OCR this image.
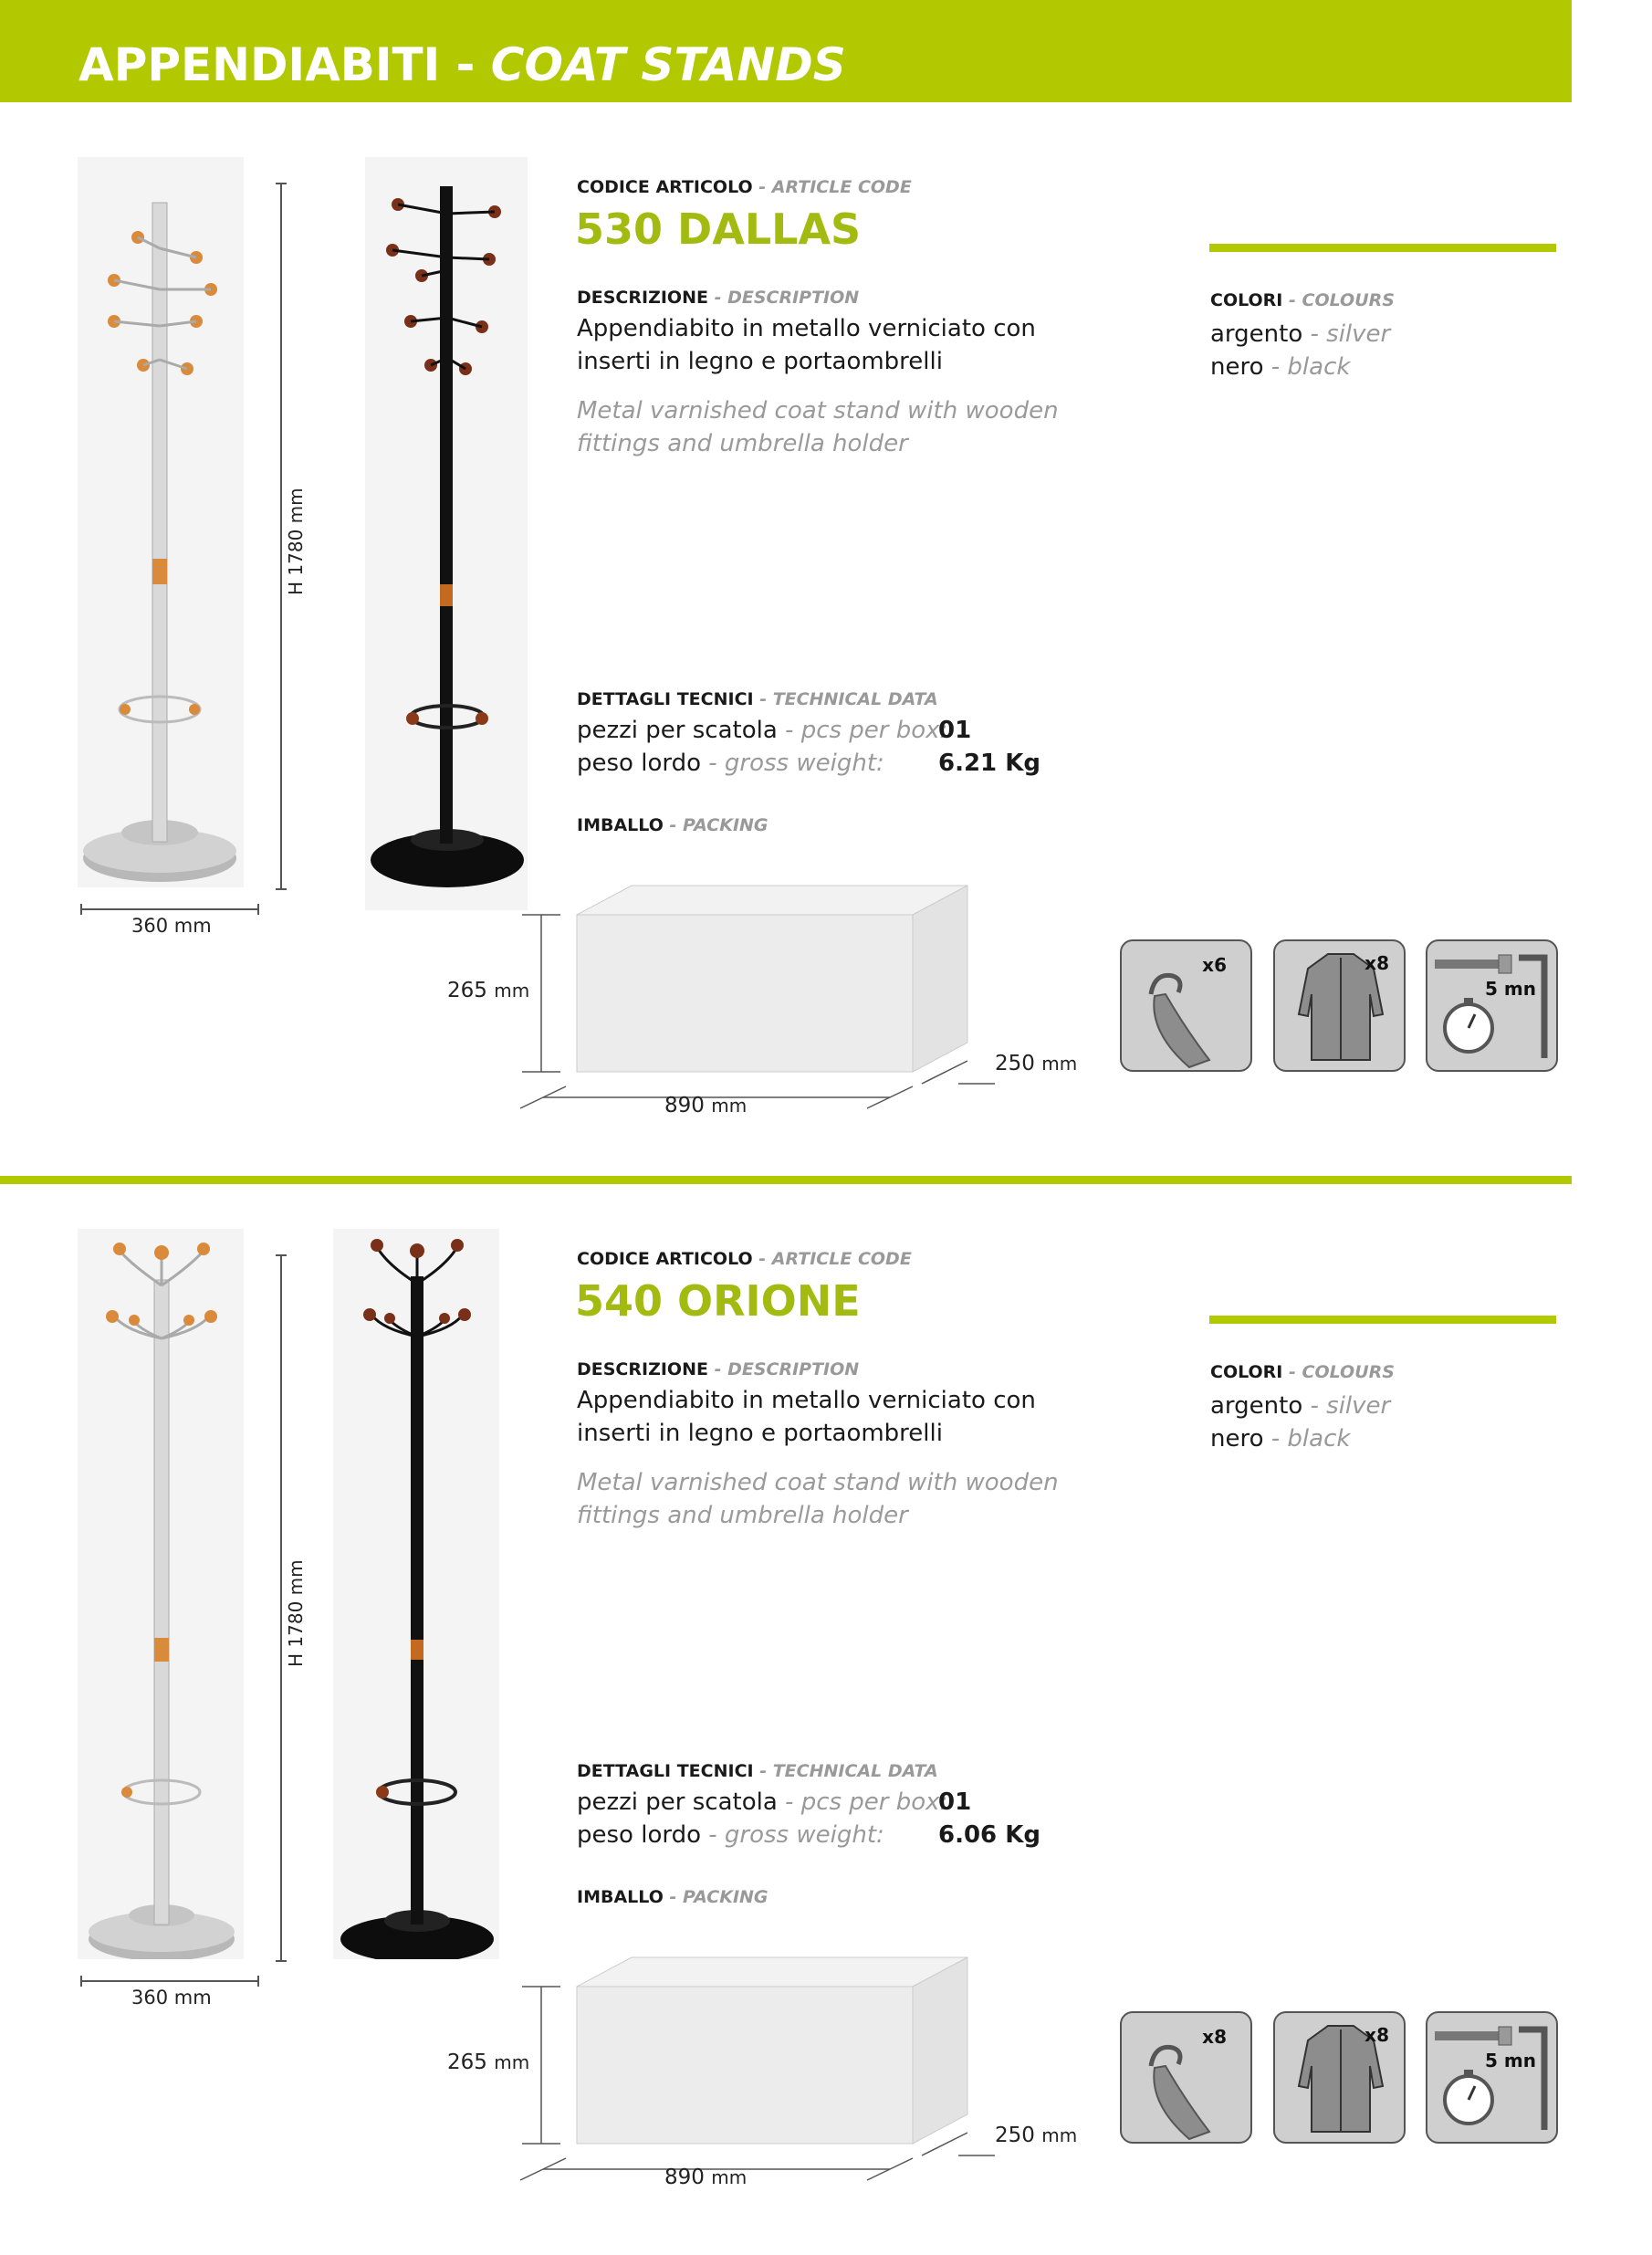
APPENDIABITI - COAT STANDS
H 1780 mm
360 mm
CODICE ARTICOLO - ARTICLE CODE
530 DALLAS
DESCRIZIONE - DESCRIPTION
Appendiabito in metallo verniciato con
inserti in legno e portaombrelli
Metal varnished coat stand with wooden
fittings and umbrella holder
COLORI - COLOURS
argento - silver
nero - black
DETTAGLI TECNICI - TECHNICAL DATA
pezzi per scatola - pcs per box:
01
peso lordo - gross weight: 6.21 Kg
IMBALLO - PACKING
265 mm
890 mm
250 mm
x6	x8
5 mn
H 1780 mm
360 mm
CODICE ARTICOLO - ARTICLE CODE
540 ORIONE
DESCRIZIONE - DESCRIPTION
Appendiabito in metallo verniciato con
inserti in legno e portaombrelli
Metal varnished coat stand with wooden
fittings and umbrella holder
COLORI - COLOURS
argento - silver
nero - black
DETTAGLI TECNICI - TECHNICAL DATA
pezzi per scatola - pcs per box:
01
peso lordo - gross weight: 6.06 Kg
IMBALLO - PACKING
265 mm
890 mm
250 mm
x8	x8
5 mn
